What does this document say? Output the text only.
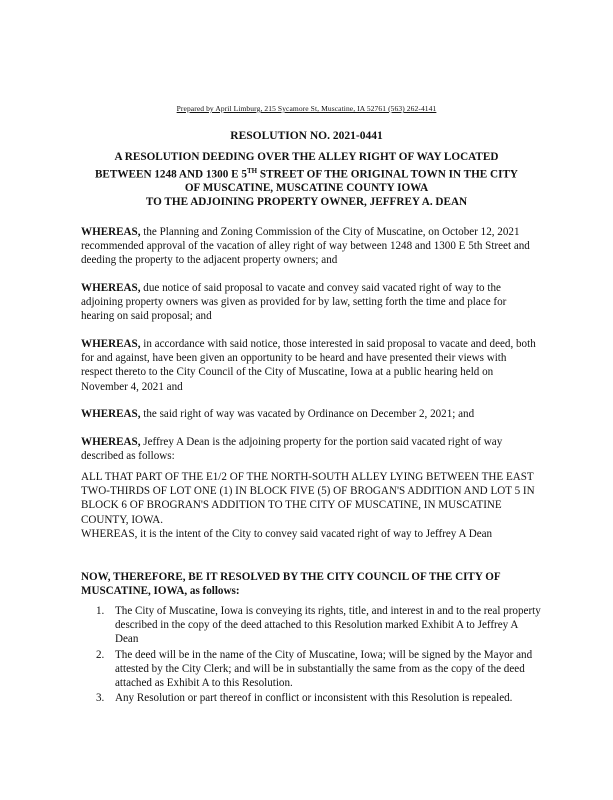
Prepared by April Limburg, 215 Sycamore St, Muscatine, IA 52761 (563) 262-4141
RESOLUTION NO. 2021-0441
A RESOLUTION DEEDING OVER THE ALLEY RIGHT OF WAY LOCATED
BETWEEN 1248 AND 1300 E 5TH STREET OF THE ORIGINAL TOWN IN THE CITY
OF MUSCATINE, MUSCATINE COUNTY IOWA
TO THE ADJOINING PROPERTY OWNER, JEFFREY A. DEAN
WHEREAS, the Planning and Zoning Commission of the City of Muscatine, on October 12, 2021 recommended approval of the vacation of alley right of way between 1248 and 1300 E 5th Street and deeding the property to the adjacent property owners; and
WHEREAS, due notice of said proposal to vacate and convey said vacated right of way to the adjoining property owners was given as provided for by law, setting forth the time and place for hearing on said proposal; and
WHEREAS, in accordance with said notice, those interested in said proposal to vacate and deed, both for and against, have been given an opportunity to be heard and have presented their views with respect thereto to the City Council of the City of Muscatine, Iowa at a public hearing held on November 4, 2021 and
WHEREAS, the said right of way was vacated by Ordinance on December 2, 2021; and
WHEREAS, Jeffrey A Dean is the adjoining property for the portion said vacated right of way described as follows:
ALL THAT PART OF THE E1/2 OF THE NORTH-SOUTH ALLEY LYING BETWEEN THE EAST TWO-THIRDS OF LOT ONE (1) IN BLOCK FIVE (5) OF BROGAN'S ADDITION AND LOT 5 IN BLOCK 6 OF BROGRAN'S ADDITION TO THE CITY OF MUSCATINE, IN MUSCATINE COUNTY, IOWA.
WHEREAS, it is the intent of the City to convey said vacated right of way to Jeffrey A Dean
NOW, THEREFORE, BE IT RESOLVED BY THE CITY COUNCIL OF THE CITY OF MUSCATINE, IOWA, as follows:
1. The City of Muscatine, Iowa is conveying its rights, title, and interest in and to the real property described in the copy of the deed attached to this Resolution marked Exhibit A to Jeffrey A Dean
2. The deed will be in the name of the City of Muscatine, Iowa; will be signed by the Mayor and attested by the City Clerk; and will be in substantially the same from as the copy of the deed attached as Exhibit A to this Resolution.
3. Any Resolution or part thereof in conflict or inconsistent with this Resolution is repealed.
